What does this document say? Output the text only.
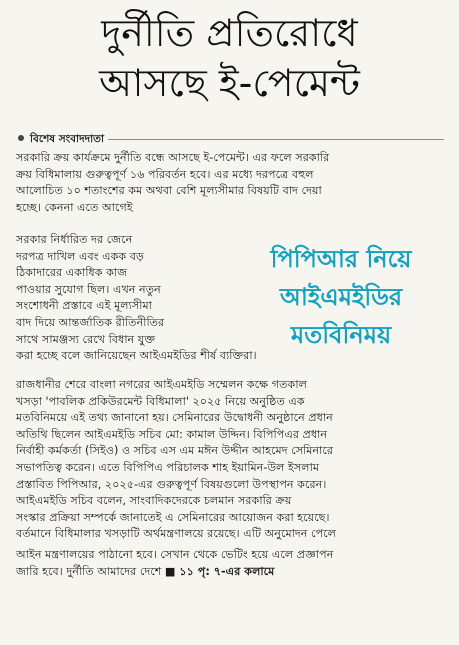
দুর্নীতি প্রতিরোধে
আসছে ই-পেমেন্ট
বিশেষ সংবাদদাতা
সরকারি ক্রয় কার্যক্রমে দুর্নীতি বন্ধে আসছে ই-পেমেন্ট। এর ফলে সরকারি
ক্রয় বিধিমালায় গুরুত্বপূর্ণ ১৬ পরিবর্তন হবে। এর মধ্যে দরপত্রে বহুল
আলোচিত ১০ শতাংশের কম অথবা বেশি মূল্যসীমার বিষয়টি বাদ দেয়া
হচ্ছে। কেননা এতে আগেই
সরকার নির্ধারিত দর জেনে
দরপত্র দাখিল এবং একক বড়
ঠিকাদারের একাধিক কাজ
পাওয়ার সুযোগ ছিল। এখন নতুন
সংশোধনী প্রস্তাবে এই মূল্যসীমা
বাদ দিয়ে আন্তর্জাতিক রীতিনীতির
সাথে সামঞ্জস্য রেখে বিধান যুক্ত
করা হচ্ছে বলে জানিয়েছেন আইএমইডির শীর্ষ ব্যক্তিরা।
পিপিআর নিয়ে
আইএমইডির
মতবিনিময়
রাজধানীর শেরে বাংলা নগরের আইএমইডি সম্মেলন কক্ষে গতকাল
খসড়া 'পাবলিক প্রকিউরমেন্ট বিধিমালা' ২০২৫ নিয়ে অনুষ্ঠিত এক
মতবিনিময়ে এই তথ্য জানানো হয়। সেমিনারের উদ্বোধনী অনুষ্ঠানে প্রধান
অতিথি ছিলেন আইএমইডি সচিব মো: কামাল উদ্দিন। বিপিপিএর প্রধান
নির্বাহী কর্মকর্তা (সিইও) ও সচিব এস এম মঈন উদ্দীন আহমেদ সেমিনারে
সভাপতিত্ব করেন। এতে বিপিপিএ পরিচালক শাহ ইয়ামিন-উল ইসলাম
প্রস্তাবিত পিপিআর, ২০২৫-এর গুরুত্বপূর্ণ বিষয়গুলো উপস্থাপন করেন।
আইএমইডি সচিব বলেন, সাংবাদিকদেরকে চলমান সরকারি ক্রয়
সংস্কার প্রক্রিয়া সম্পর্কে জানাতেই এ সেমিনারের আয়োজন করা হয়েছে।
বর্তমানে বিধিমালার খসড়াটি অর্থমন্ত্রণালয়ে রয়েছে। এটি অনুমোদন পেলে
আইন মন্ত্রণালয়ের পাঠানো হবে। সেখান থেকে ভেটিং হয়ে এলে প্রজ্ঞাপন
জারি হবে। দুর্নীতি আমাদের দেশে ■ ১১ পৃ: ৭-এর কলামে
